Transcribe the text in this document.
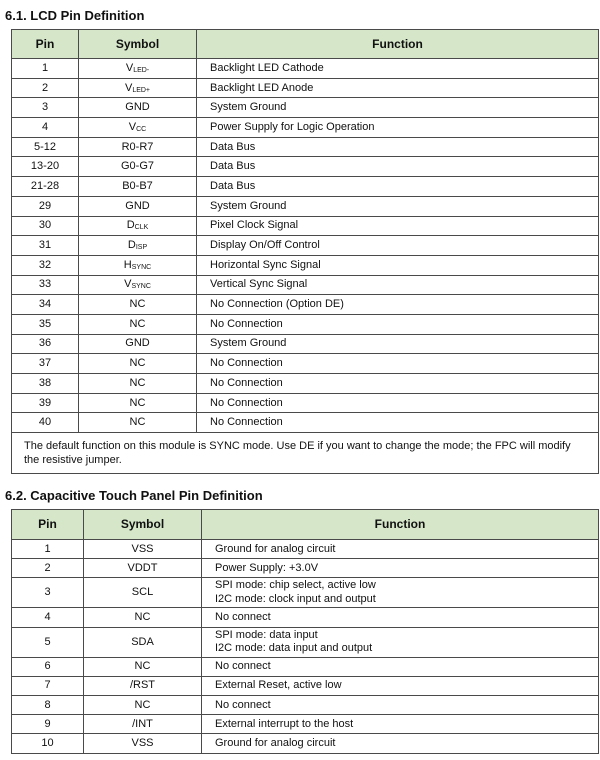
6.1. LCD Pin Definition
Pin	Symbol	Function
1	$V_{LED-}$	Backlight LED Cathode
2	$V_{LED+}$	Backlight LED Anode
3	GND	System Ground
4	$V_{CC}$	Power Supply for Logic Operation
5-12	R0-R7	Data Bus
13-20	G0-G7	Data Bus
21-28	B0-B7	Data Bus
29	GND	System Ground
30	$D_{CLK}$	Pixel Clock Signal
31	$D_{ISP}$	Display On/Off Control
32	$H_{SYNC}$	Horizontal Sync Signal
33	$V_{SYNC}$	Vertical Sync Signal
34	NC	No Connection (Option DE)
35	NC	No Connection
36	GND	System Ground
37	NC	No Connection
38	NC	No Connection
39	NC	No Connection
40	NC	No Connection
The default function on this module is SYNC mode. Use DE if you want to change the mode; the FPC will modify the resistive jumper.		
6.2. Capacitive Touch Panel Pin Definition
Pin	Symbol	Function
1	VSS	Ground for analog circuit

2	VDDT	Power Supply: +3.0V

3	SCL	SPI mode: chip select, active low
I2C mode: clock input and output

4	NC	No connect

5	SDA	SPI mode: data input
I2C mode: data input and output

6	NC	No connect

7	/RST	External Reset, active low

8	NC	No connect

9	/INT	External interrupt to the host

10	VSS	Ground for analog circuit
